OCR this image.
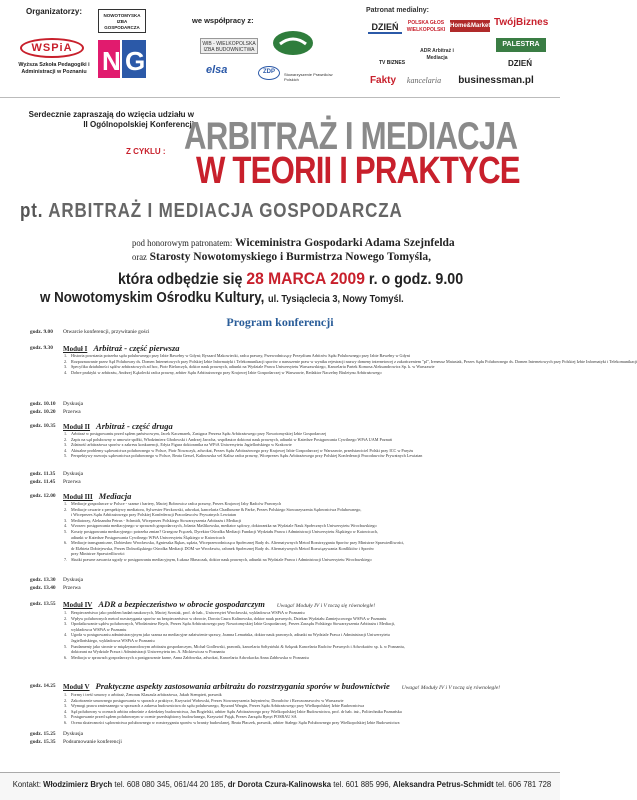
Organizatorzy:
WSPiA
Wyższa Szkoła Pedagogiki i Administracji w Poznaniu
NOWOTOMYSKA IZBA GOSPODARCZA
N G
we współpracy z:
WIB - WIELKOPOLSKA IZBA BUDOWNICTWA
elsa	ZDP	Stowarzyszenie Prawników Polskich
Patronat medialny:
DZIEŃ	POLSKA GŁOS WIELKOPOLSKI
Home&Market TwójBiznes
ADR Arbitraż i Mediacja
PALESTRA
TV BIZNES
Fakty	kancelaria	businessman.pl
DZIEŃ
Serdecznie zapraszają do wzięcia udziału w II Ogólnopolskiej Konferencji
Z CYKLU : ARBITRAŻ I MEDIACJA
W TEORII I PRAKTYCE
pt. ARBITRAŻ I MEDIACJA GOSPODARCZA
pod honorowym patronatem: Wiceministra Gospodarki Adama Szejnfelda
oraz Starosty Nowotomyskiego i Burmistrza Nowego Tomyśla,
która odbędzie się 28 MARCA 2009 r. o godz. 9.00
w Nowotomyskim Ośrodku Kultury, ul. Tysiąclecia 3, Nowy Tomyśl.
Program konferencji
godz. 9.00 Otwarcie konferencji, przywitanie gości
godz. 9.30 Moduł I Arbitraż - część pierwsza
1. Historia powstania potrzeba sądu polubownego przy Izbie Bawełny w Gdyni; Ryszard Makowiecki, radca prawny, Przewodniczący Prezydium Arbitrów Sądu Polubownego przy Izbie Bawełny w Gdyni
2. Rozpoznawanie przez Sąd Polubowny ds. Domen Internetowych przy Polskiej Izbie Informatyki i Telekomunikacji sporów o naruszenie praw w wyniku rejestracji nazwy domeny internetowej z zakończeniem "pl", Ireneusz Matusiak, Prezes Sądu Polubownego ds. Domen Internetowych przy Polskiej Izbie Informatyki i Telekomunikacji
3. Specyfika działalności sądów arbitrażowych ad hoc, Piotr Bielarczyk, doktor nauk prawnych, adiunkt na Wydziale Prawa Uniwersytetu Warszawskiego, Kancelaria Partek Komosa Aleksandrowicz Sp. k. w Warszawie
4. Dobre praktyki w arbitrażu, Andrzej Kąkolecki radca prawny, arbiter Sądu Arbitrażowego przy Krajowej Izbie Gospodarczej w Warszawie, Redaktor Naczelny Biuletynu Arbitrażowego
godz. 10.10 Dyskusja
godz. 10.20 Przerwa
godz. 10.35 Moduł II Arbitraż - część druga
1. Arbitraż w postępowaniu przed sądem państwowym, Jacek Kaczmarek, Zastępca Prezesa Sądu Arbitrażowego przy Nowotomyskiej Izbie Gospodarczej
2. Zapis na sąd polubowny w umowie spółki, Włodzimierz Głodowski i Andrzej Jarocha, współautor doktorat nauk prawnych, adiunkt w Katedrze Postępowania Cywilnego WPiA UAM Poznań
3. Zdatność arbitrażowa sporów z zakresu konkurencji, Edyta Figura doktorantka na WPiA Uniwersytetu Jagiellońskiego w Krakowie
4. Aktualne problemy sądownictwa polubownego w Polsce, Piotr Nowaczyk, adwokat, Prezes Sądu Arbitrażowego przy Krajowej Izbie Gospodarczej w Warszawie, przedstawiciel Polski przy ICC w Paryżu
5. Perspektywy rozwoju sądownictwa polubownego w Polsce, Beata Gessel, Kalinowska vel Kalisz radca prawny, Wiceprezes Sądu Arbitrażowego przy Polskiej Konfederacji Pracodawców Prywatnych Lewiatan
godz. 11.35 Dyskusja
godz. 11.45 Przerwa
godz. 12.00 Moduł III Mediacja
1. Mediacje gospodarcze w Polsce - szanse i bariery, Maciej Bobrowicz radca prawny, Prezes Krajowej Izby Radców Prawnych
2. Mediacje czwarte z perspektywy mediatora, Sylwester Pieckowski, adwokat, kancelaria Chadbourne & Parke, Prezes Polskiego Stowarzyszenia Sądownictwa Polubownego,
i Wiceprezes Sądu Arbitrażowego przy Polskiej Konfederacji Pracodawców Prywatnych Lewiatan
3. Mediatorzy, Aleksandra Petrus - Schmidt, Wiceprezes Polskiego Stowarzyszenia Arbitrażu i Mediacji
4. Wzorzec postępowania mediacyjnego w sprawach gospodarczych, Jolanta Maślikowska, mediator sądowy, doktorantka na Wydziale Nauk Społecznych Uniwersytetu Wrocławskiego
5. Koszty postępowania mediacyjnego: potrzeba zmian? Grzegorz Frączek, Dyrektor Ośrodka Mediacji Fundacji Wydziału Prawa i Administracji Uniwersytetu Śląskiego w Katowicach,
adiunkt w Katedrze Postępowania Cywilnego WPiA Uniwersytetu Śląskiego w Katowicach
6. Mediacje transgraniczne, Dobiesław Wrocławska, Agnieszka Rękas, sędzia, Wiceprzewodnicząca Społecznej Rady ds. Alternatywnych Metod Rozstrzygania Sporów przy Ministrze Sprawiedliwości,
dr Elżbieta Dobiejewska, Prezes Dolnośląskiego Ośrodka Mediacji DOM we Wrocławiu, członek Społecznej Rady ds. Alternatywnych Metod Rozwiązywania Konfliktów i Sporów
przy Ministrze Sprawiedliwości
7. Skutki prawne zawarcia ugody w postępowaniu mediacyjnym, Łukasz Błaszczak, doktor nauk prawnych, adiunkt na Wydziale Prawa i Administracji Uniwersytetu Wrocławskiego
godz. 13.30 Dyskusja
godz. 13.40 Przerwa
godz. 13.55 Moduł IV ADR a bezpieczeństwo w obrocie gospodarczym Uwaga! Moduły IV i V toczą się równolegle!
1. Bezpieczeństwo jako problem badań naukowych, Maciej Szostak, prof. dr hab., Uniwersytet Wrocławski, wykładowca WSPiA w Poznaniu
2. Wpływ polubownych metod rozstrzygania sporów na bezpieczeństwo w obrocie, Dorota Czura Kalinowska, doktor nauk prawnych, Dziekan Wydziału Zamiejscowego WSPiA w Poznaniu
3. Opodatkowanie sądów polubownych, Włodzimierz Brych, Prezes Sądu Arbitrażowego przy Nowotomyskiej Izbie Gospodarczej, Prezes Zarządu Polskiego Stowarzyszenia Arbitrażu i Mediacji,
wykładowca WSPiA w Poznaniu
4. Ugoda w postępowaniu administracyjnym jako szansa na mediacyjne załatwienie sprawy, Joanna Lemańska, doktor nauk prawnych, adiunkt na Wydziale Prawa i Administracji Uniwersytetu
Jagiellońskiego, wykładowca WSPiA w Poznaniu
5. Fundamenty jako stronie w międzynarodowym arbitrażu gospodarczym, Michał Godlewski, prawnik, kancelaria Sołtysiński & Szlęzak Kancelaria Radców Prawnych i Adwokatów sp. k. w Poznaniu,
doktorant na Wydziale Prawa i Administracji Uniwersytetu im. A. Mickiewicza w Poznaniu
6. Mediacja w sprawach gospodarczych a postępowanie karne, Anna Zabłowska, adwokat, Kancelaria Adwokacka Anna Zabłowska w Poznaniu
godz. 14.25 Moduł V Praktyczne aspekty zastosowania arbitrażu do rozstrzygania sporów w budownictwie Uwaga! Moduły IV i V toczą się równolegle!
1. Formy i treść umowy o arbitraż, Zenonas Klauzula arbitrażowa, Jakub Stempień, prawnik
2. Zakończenie umownego postępowania w sporach z praktyce, Krzysztof Wołowski, Prezes Stowarzyszenia Inżynierów, Doradców i Rzeczoznawców w Warszawie
3. Wymogi prawa zmieszanego w sprawach z zakresu budownictwa do sądu polubownego, Ryszard Wargin, Prezes Sądu Arbitrażowego przy Wielkopolskiej Izbie Budownictwa
4. Sąd polubowny w ocenach arbitra odnośnie z dziedziny budownictwa, Jan Bogielski, arbiter Sądu Arbitrażowego przy Wielkopolskiej Izbie Budownictwa, prof. dr hab. inż., Politechnika Poznańska
5. Postępowanie przed sądem polubownym w ocenie przedsiębiorcy budowlanego, Krzysztof Pająk, Prezes Zarządu Rynyt POSBAU SA
6. Ocena skuteczności sądownictwa polubownego w rozstrzyganiu sporów w branży budowlanej, Beata Płaczek, prawnik, arbiter Stałego Sądu Polubownego przy Wielkopolskiej Izbie Budownictwa
godz. 15.25 Dyskusja
godz. 15.35 Podsumowanie konferencji
Kontakt: Włodzimierz Brych tel. 608 080 345, 061/44 20 185, dr Dorota Czura-Kalinowska tel. 601 885 996, Aleksandra Petrus-Schmidt tel. 606 781 728
